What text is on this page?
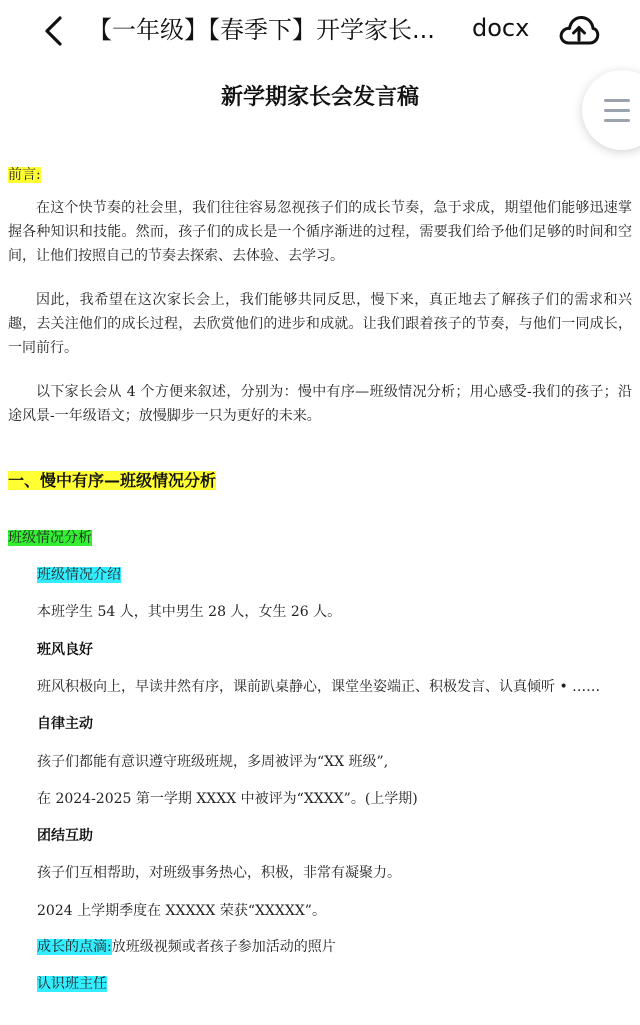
【一年级】【春季下】开学家长...	docx
新学期家长会发言稿
前言:
在这个快节奏的社会里，我们往往容易忽视孩子们的成长节奏，急于求成，期望他们能够迅速掌握各种知识和技能。然而，孩子们的成长是一个循序渐进的过程，需要我们给予他们足够的时间和空间，让他们按照自己的节奏去探索、去体验、去学习。
因此，我希望在这次家长会上，我们能够共同反思，慢下来，真正地去了解孩子们的需求和兴趣，去关注他们的成长过程，去欣赏他们的进步和成就。让我们跟着孩子的节奏，与他们一同成长，一同前行。
以下家长会从 4 个方便来叙述，分别为：慢中有序—班级情况分析；用心感受-我们的孩子；沿途风景-一年级语文；放慢脚步一只为更好的未来。
一、慢中有序—班级情况分析
班级情况分析
班级情况介绍
本班学生 54 人，其中男生 28 人，女生 26 人。
班风良好
班风积极向上，早读井然有序，课前趴桌静心，课堂坐姿端正、积极发言、认真倾听 • ……
自律主动
孩子们都能有意识遵守班级班规，多周被评为“XX 班级”,
在 2024-2025 第一学期 XXXX 中被评为“XXXX”。(上学期)
团结互助
孩子们互相帮助，对班级事务热心，积极，非常有凝聚力。
2024 上学期季度在 XXXXX 荣获“XXXXX”。
成长的点滴:放班级视频或者孩子参加活动的照片
认识班主任
